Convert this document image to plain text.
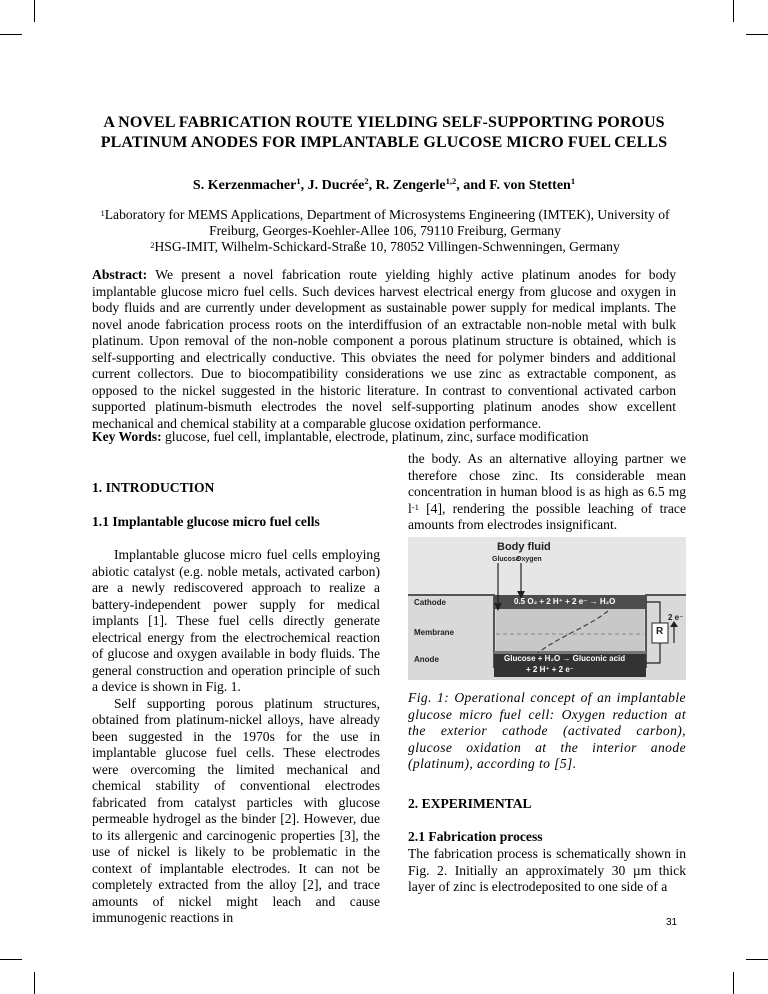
A NOVEL FABRICATION ROUTE YIELDING SELF-SUPPORTING POROUS
PLATINUM ANODES FOR IMPLANTABLE GLUCOSE MICRO FUEL CELLS
S. Kerzenmacher$^1$, J. Ducrée$^2$, R. Zengerle$^{1,2}$, and F. von Stetten$^1$
$^1$Laboratory for MEMS Applications, Department of Microsystems Engineering (IMTEK), University of
Freiburg, Georges-Koehler-Allee 106, 79110 Freiburg, Germany
$^2$HSG-IMIT, Wilhelm-Schickard-Straße 10, 78052 Villingen-Schwenningen, Germany
Abstract: We present a novel fabrication route yielding highly active platinum anodes for body implantable glucose micro fuel cells. Such devices harvest electrical energy from glucose and oxygen in body fluids and are currently under development as sustainable power supply for medical implants. The novel anode fabrication process roots on the interdiffusion of an extractable non-noble metal with bulk platinum. Upon removal of the non-noble component a porous platinum structure is obtained, which is self-supporting and electrically conductive. This obviates the need for polymer binders and additional current collectors. Due to biocompatibility considerations we use zinc as extractable component, as opposed to the nickel suggested in the historic literature. In contrast to conventional activated carbon supported platinum-bismuth electrodes the novel self-supporting platinum anodes show excellent mechanical and chemical stability at a comparable glucose oxidation performance.
Key Words: glucose, fuel cell, implantable, electrode, platinum, zinc, surface modification
1. INTRODUCTION
1.1 Implantable glucose micro fuel cells

Implantable glucose micro fuel cells employing abiotic catalyst (e.g. noble metals, activated carbon) are a newly rediscovered approach to realize a battery-independent power supply for medical implants [1]. These fuel cells directly generate electrical energy from the electrochemical reaction of glucose and oxygen available in body fluids. The general construction and operation principle of such a device is shown in Fig. 1.

Self supporting porous platinum structures, obtained from platinum-nickel alloys, have already been suggested in the 1970s for the use in implantable glucose fuel cells. These electrodes were overcoming the limited mechanical and chemical stability of conventional electrodes fabricated from catalyst particles with glucose permeable hydrogel as the binder [2]. However, due to its allergenic and carcinogenic properties [3], the use of nickel is likely to be problematic in the context of implantable electrodes. It can not be completely extracted from the alloy [2], and trace amounts of nickel might leach and cause immunogenic reactions in

the body. As an alternative alloying partner we therefore chose zinc. Its considerable mean concentration in human blood is as high as 6.5 mg $l^{-1}$ [4], rendering the possible leaching of trace amounts from electrodes insignificant.

Body fluid
Glucose
Oxygen
Cathode
Membrane
Anode
0.5 O₂ + 2 H⁺ + 2 e⁻ → H₂O
Glucose + H₂O → Gluconic acid
+ 2 H⁺ + 2 e⁻
R
2 e⁻
Fig. 1: Operational concept of an implantable glucose micro fuel cell: Oxygen reduction at the exterior cathode (activated carbon), glucose oxidation at the interior anode (platinum), according to [5].
2. EXPERIMENTAL
2.1 Fabrication process

The fabrication process is schematically shown in Fig. 2. Initially an approximately 30 µm thick layer of zinc is electrodeposited to one side of a

31
